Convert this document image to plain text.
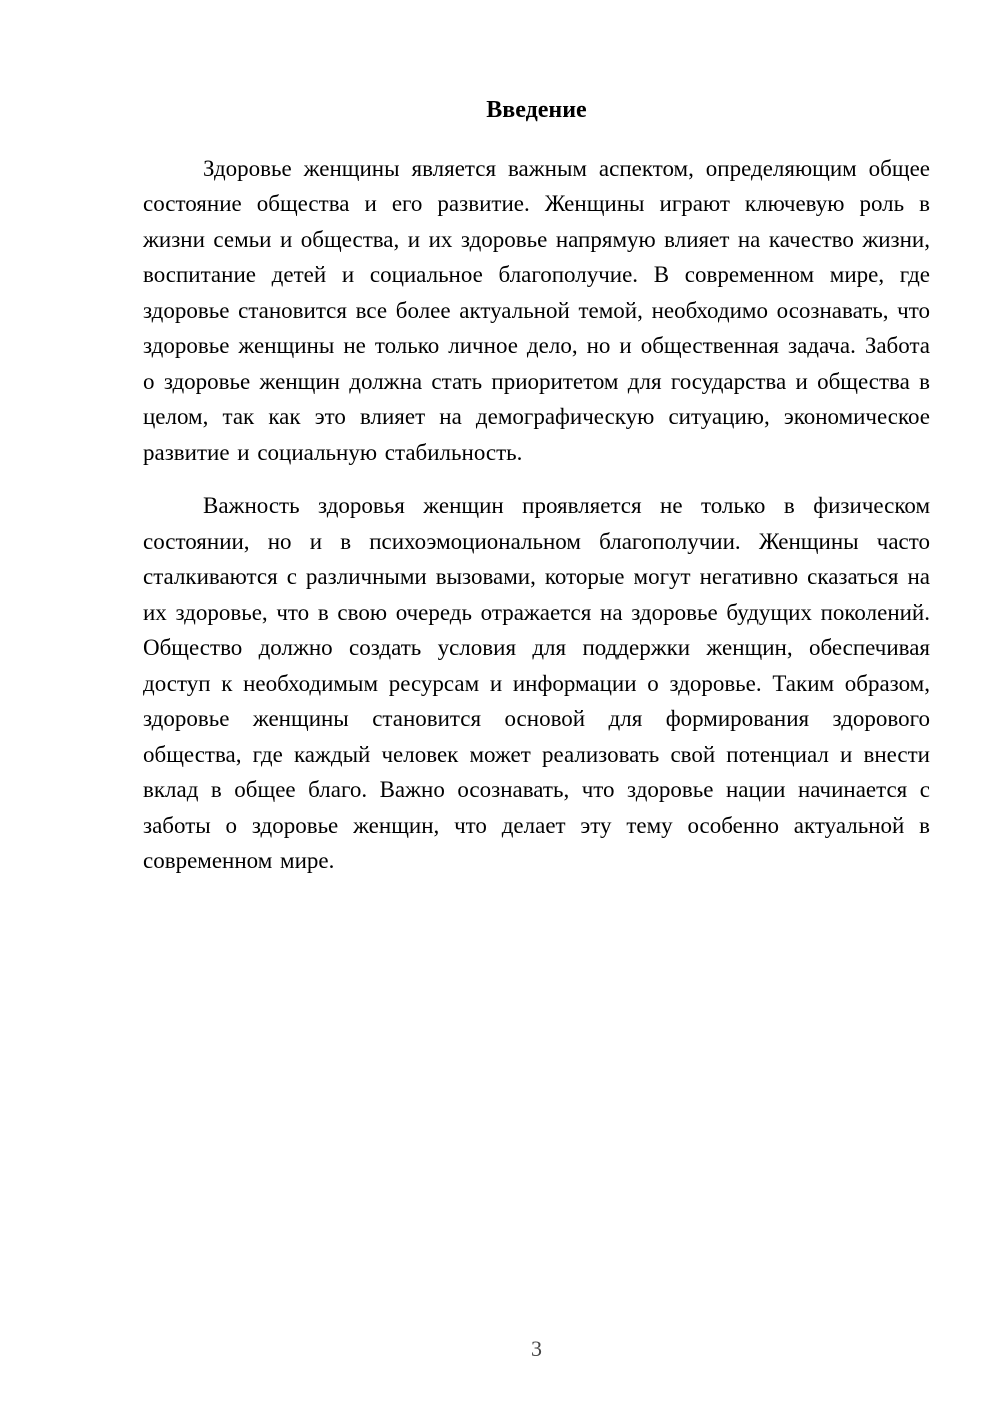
Введение

Здоровье женщины является важным аспектом, определяющим общее состояние общества и его развитие. Женщины играют ключевую роль в жизни семьи и общества, и их здоровье напрямую влияет на качество жизни, воспитание детей и социальное благополучие. В современном мире, где здоровье становится все более актуальной темой, необходимо осознавать, что здоровье женщины не только личное дело, но и общественная задача. Забота о здоровье женщин должна стать приоритетом для государства и общества в целом, так как это влияет на демографическую ситуацию, экономическое развитие и социальную стабильность.

Важность здоровья женщин проявляется не только в физическом состоянии, но и в психоэмоциональном благополучии. Женщины часто сталкиваются с различными вызовами, которые могут негативно сказаться на их здоровье, что в свою очередь отражается на здоровье будущих поколений. Общество должно создать условия для поддержки женщин, обеспечивая доступ к необходимым ресурсам и информации о здоровье. Таким образом, здоровье женщины становится основой для формирования здорового общества, где каждый человек может реализовать свой потенциал и внести вклад в общее благо. Важно осознавать, что здоровье нации начинается с заботы о здоровье женщин, что делает эту тему особенно актуальной в современном мире.

3
